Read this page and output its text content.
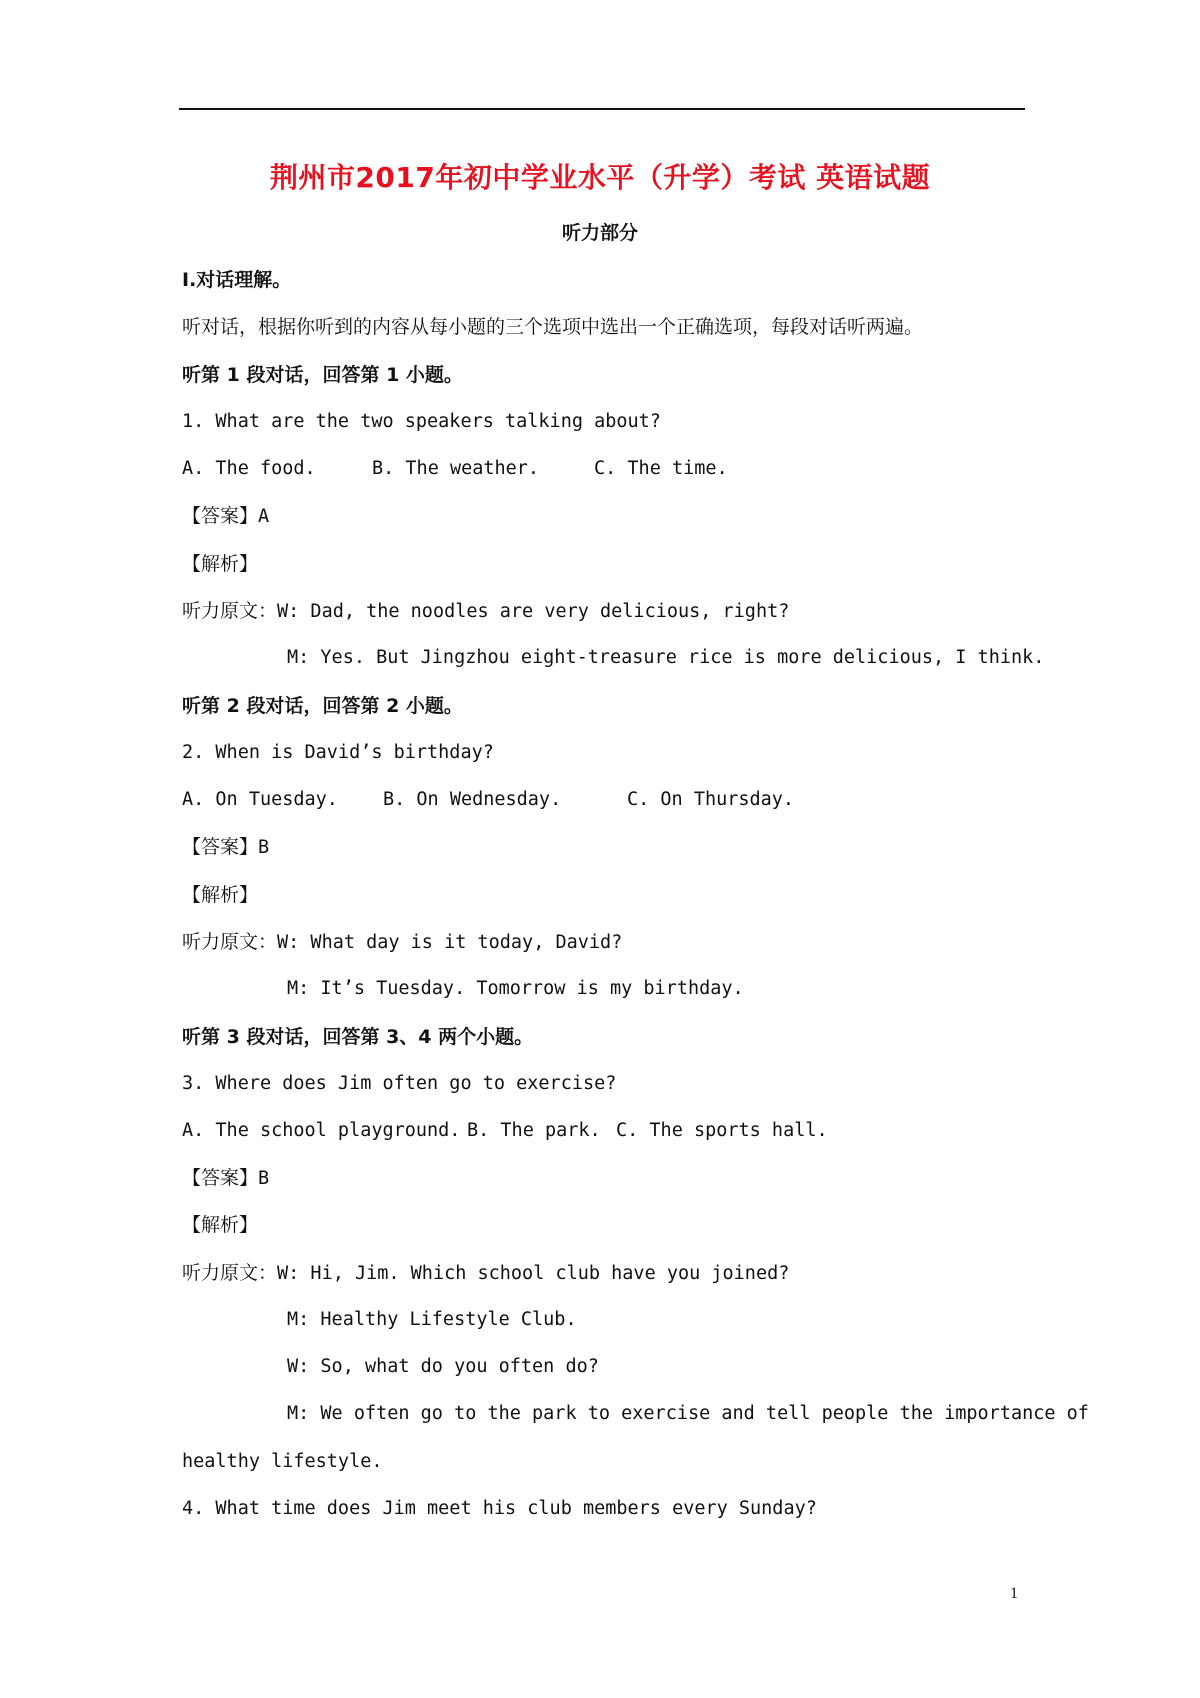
荆州市2017年初中学业水平（升学）考试 英语试题
听力部分
I.对话理解。
听对话，根据你听到的内容从每小题的三个选项中选出一个正确选项，每段对话听两遍。
听第 1 段对话，回答第 1 小题。
1. What are the two speakers talking about?
A. The food.	B. The weather.	C. The time.
【答案】A
【解析】
听力原文：W: Dad, the noodles are very delicious, right?
M: Yes. But Jingzhou eight-treasure rice is more delicious, I think.
听第 2 段对话，回答第 2 小题。
2. When is David’s birthday?
A. On Tuesday. B. On Wednesday.	C. On Thursday.
【答案】B
【解析】
听力原文：W: What day is it today, David?
M: It’s Tuesday. Tomorrow is my birthday.
听第 3 段对话，回答第 3、4 两个小题。
3. Where does Jim often go to exercise?
A. The school playground. B. The park. C. The sports hall.
【答案】B
【解析】
听力原文：W: Hi, Jim. Which school club have you joined?
M: Healthy Lifestyle Club.
W: So, what do you often do?
M: We often go to the park to exercise and tell people the importance of
healthy lifestyle.
4. What time does Jim meet his club members every Sunday?
1
